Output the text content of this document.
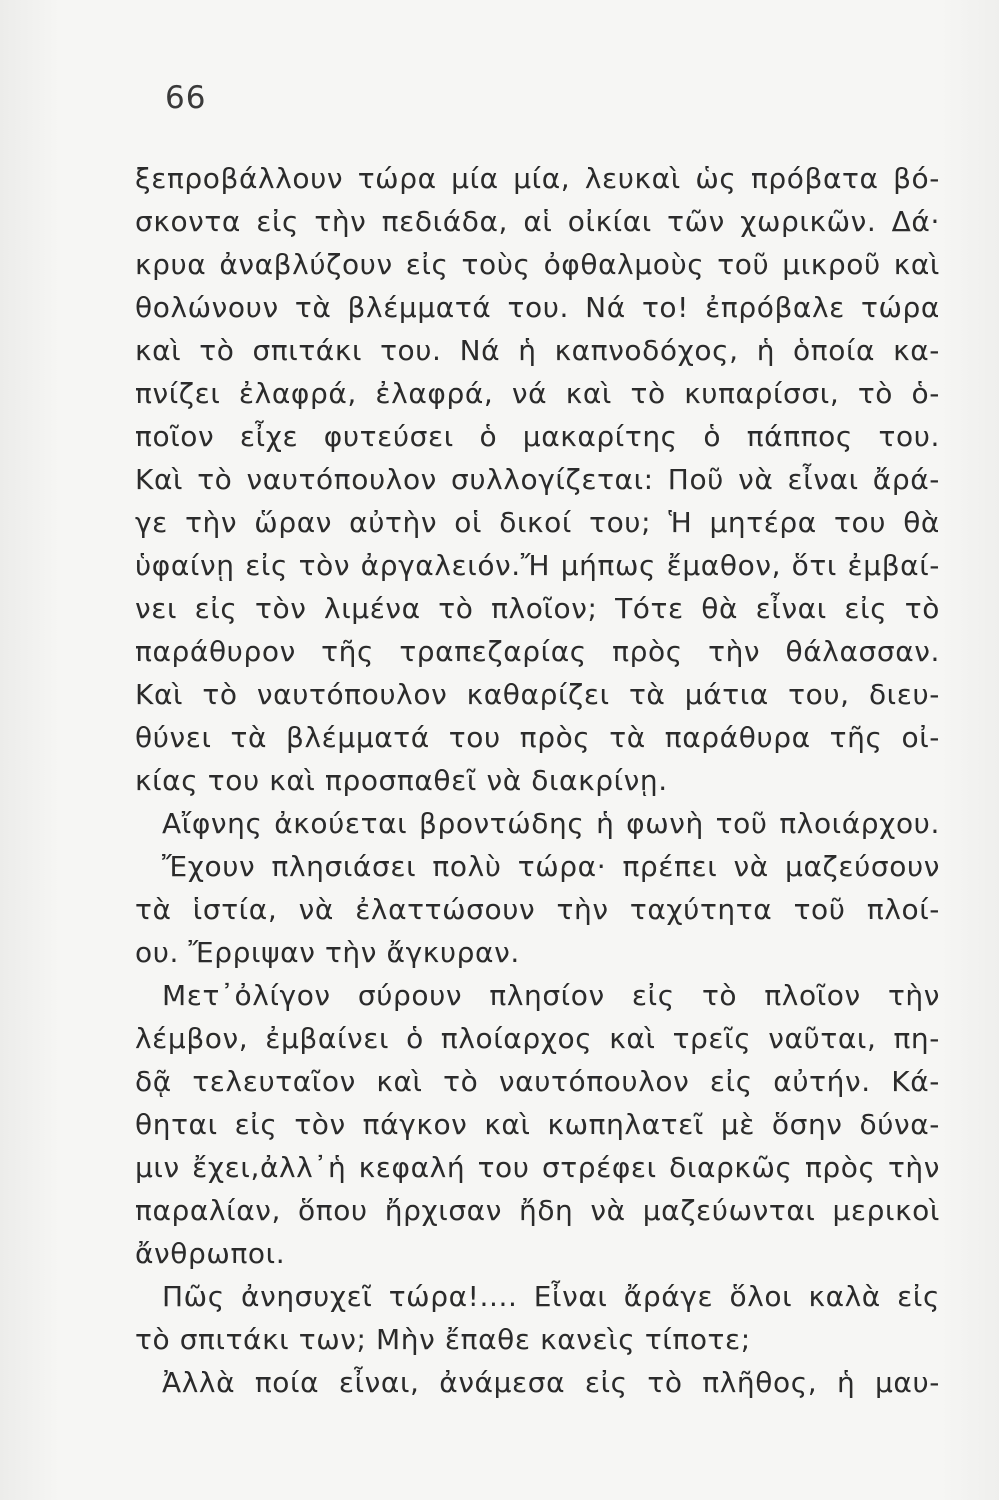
66
ξεπροβάλλουν τώρα μία μία, λευκαὶ ὡς πρόβατα βό-
σκοντα εἰς τὴν πεδιάδα, αἱ οἰκίαι τῶν χωρικῶν. Δά·
κρυα ἀναβλύζουν εἰς τοὺς ὀφθαλμοὺς τοῦ μικροῦ καὶ
θολώνουν τὰ βλέμματά του. Νά το! ἐπρόβαλε τώρα
καὶ τὸ σπιτάκι του. Νά ἡ καπνοδόχος, ἡ ὁποία κα-
πνίζει ἐλαφρά, ἐλαφρά, νά καὶ τὸ κυπαρίσσι, τὸ ὁ-
ποῖον εἶχε φυτεύσει ὁ μακαρίτης ὁ πάππος του.
Καὶ τὸ ναυτόπουλον συλλογίζεται: Ποῦ νὰ εἶναι ἄρά-
γε τὴν ὥραν αὐτὴν οἱ δικοί του; Ἡ μητέρα του θὰ
ὑφαίνῃ εἰς τὸν ἀργαλειόν.Ἤ μήπως ἔμαθον, ὅτι ἐμβαί-
νει εἰς τὸν λιμένα τὸ πλοῖον; Τότε θὰ εἶναι εἰς τὸ
παράθυρον τῆς τραπεζαρίας πρὸς τὴν θάλασσαν.
Καὶ τὸ ναυτόπουλον καθαρίζει τὰ μάτια του, διευ-
θύνει τὰ βλέμματά του πρὸς τὰ παράθυρα τῆς οἰ-
κίας του καὶ προσπαθεῖ νὰ διακρίνῃ.
Αἴφνης ἀκούεται βροντώδης ἡ φωνὴ τοῦ πλοιάρχου.
Ἔχουν πλησιάσει πολὺ τώρα· πρέπει νὰ μαζεύσουν
τὰ ἱστία, νὰ ἐλαττώσουν τὴν ταχύτητα τοῦ πλοί-
ου. Ἔρριψαν τὴν ἄγκυραν.
Μετ᾽ὀλίγον σύρουν πλησίον εἰς τὸ πλοῖον τὴν
λέμβον, ἐμβαίνει ὁ πλοίαρχος καὶ τρεῖς ναῦται, πη-
δᾷ τελευταῖον καὶ τὸ ναυτόπουλον εἰς αὐτήν. Κά-
θηται εἰς τὸν πάγκον καὶ κωπηλατεῖ μὲ ὅσην δύνα-
μιν ἔχει,ἀλλ᾽ἡ κεφαλή του στρέφει διαρκῶς πρὸς τὴν
παραλίαν, ὅπου ἤρχισαν ἤδη νὰ μαζεύωνται μερικοὶ
ἄνθρωποι.
Πῶς ἀνησυχεῖ τώρα!.... Εἶναι ἄράγε ὅλοι καλὰ εἰς
τὸ σπιτάκι των; Μὴν ἔπαθε κανεὶς τίποτε;
Ἀλλὰ ποία εἶναι, ἀνάμεσα εἰς τὸ πλῆθος, ἡ μαυ-
